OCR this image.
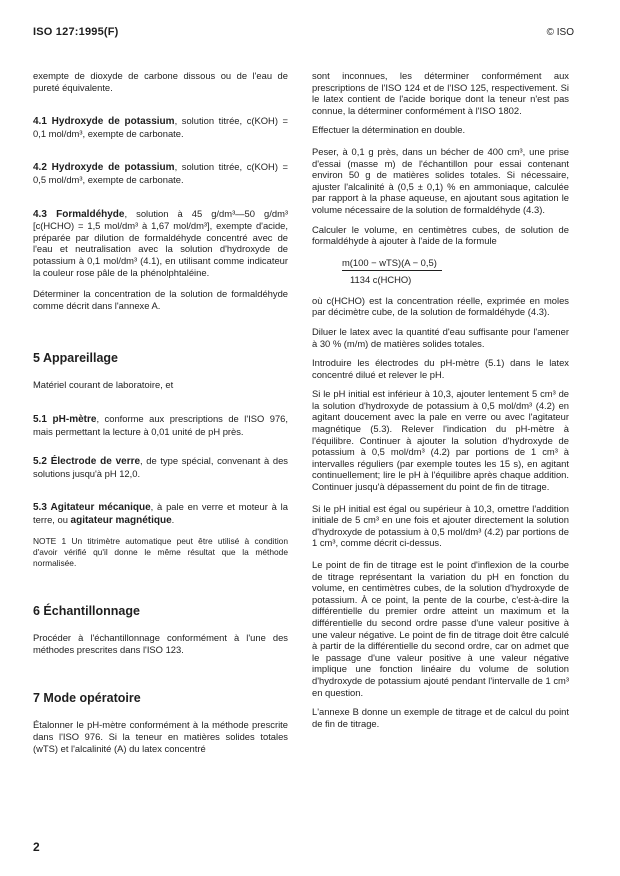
ISO 127:1995(F)	© ISO

exempte de dioxyde de carbone dissous ou de l'eau de pureté équivalente.

4.1 Hydroxyde de potassium, solution titrée, c(KOH) = 0,1 mol/dm³, exempte de carbonate.

4.2 Hydroxyde de potassium, solution titrée, c(KOH) = 0,5 mol/dm³, exempte de carbonate.

4.3 Formaldéhyde, solution à 45 g/dm³—50 g/dm³ [c(HCHO) = 1,5 mol/dm³ à 1,67 mol/dm³], exempte d'acide, préparée par dilution de formaldéhyde concentré avec de l'eau et neutralisation avec la solution d'hydroxyde de potassium à 0,1 mol/dm³ (4.1), en utilisant comme indicateur la couleur rose pâle de la phénolphtaléine.

Déterminer la concentration de la solution de formaldéhyde comme décrit dans l'annexe A.

5 Appareillage

Matériel courant de laboratoire, et

5.1 pH-mètre, conforme aux prescriptions de l'ISO 976, mais permettant la lecture à 0,01 unité de pH près.

5.2 Électrode de verre, de type spécial, convenant à des solutions jusqu'à pH 12,0.

5.3 Agitateur mécanique, à pale en verre et moteur à la terre, ou agitateur magnétique.

NOTE 1 Un titrimètre automatique peut être utilisé à condition d'avoir vérifié qu'il donne le même résultat que la méthode normalisée.

6 Échantillonnage

Procéder à l'échantillonnage conformément à l'une des méthodes prescrites dans l'ISO 123.

7 Mode opératoire

Étalonner le pH-mètre conformément à la méthode prescrite dans l'ISO 976. Si la teneur en matières solides totales (wTS) et l'alcalinité (A) du latex concentré

sont inconnues, les déterminer conformément aux prescriptions de l'ISO 124 et de l'ISO 125, respectivement. Si le latex contient de l'acide borique dont la teneur n'est pas connue, la déterminer conformément à l'ISO 1802.

Effectuer la détermination en double.

Peser, à 0,1 g près, dans un bécher de 400 cm³, une prise d'essai (masse m) de l'échantillon pour essai contenant environ 50 g de matières solides totales. Si nécessaire, ajuster l'alcalinité à (0,5 ± 0,1) % en ammoniaque, calculée par rapport à la phase aqueuse, en ajoutant sous agitation le volume nécessaire de la solution de formaldéhyde (4.3).

Calculer le volume, en centimètres cubes, de solution de formaldéhyde à ajouter à l'aide de la formule

m(100 − wTS)(A − 0,5)
1134 c(HCHO)

où c(HCHO) est la concentration réelle, exprimée en moles par décimètre cube, de la solution de formaldéhyde (4.3).

Diluer le latex avec la quantité d'eau suffisante pour l'amener à 30 % (m/m) de matières solides totales.

Introduire les électrodes du pH-mètre (5.1) dans le latex concentré dilué et relever le pH.

Si le pH initial est inférieur à 10,3, ajouter lentement 5 cm³ de la solution d'hydroxyde de potassium à 0,5 mol/dm³ (4.2) en agitant doucement avec la pale en verre ou avec l'agitateur magnétique (5.3). Relever l'indication du pH-mètre à l'équilibre. Continuer à ajouter la solution d'hydroxyde de potassium à 0,5 mol/dm³ (4.2) par portions de 1 cm³ à intervalles réguliers (par exemple toutes les 15 s), en agitant continuellement; lire le pH à l'équilibre après chaque addition. Continuer jusqu'à dépassement du point de fin de titrage.

Si le pH initial est égal ou supérieur à 10,3, omettre l'addition initiale de 5 cm³ en une fois et ajouter directement la solution d'hydroxyde de potassium à 0,5 mol/dm³ (4.2) par portions de 1 cm³, comme décrit ci-dessus.

Le point de fin de titrage est le point d'inflexion de la courbe de titrage représentant la variation du pH en fonction du volume, en centimètres cubes, de la solution d'hydroxyde de potassium. À ce point, la pente de la courbe, c'est-à-dire la différentielle du premier ordre atteint un maximum et la différentielle du second ordre passe d'une valeur positive à une valeur négative. Le point de fin de titrage doit être calculé à partir de la différentielle du second ordre, car on admet que le passage d'une valeur positive à une valeur négative implique une fonction linéaire du volume de solution d'hydroxyde de potassium ajouté pendant l'intervalle de 1 cm³ en question.

L'annexe B donne un exemple de titrage et de calcul du point de fin de titrage.

2
